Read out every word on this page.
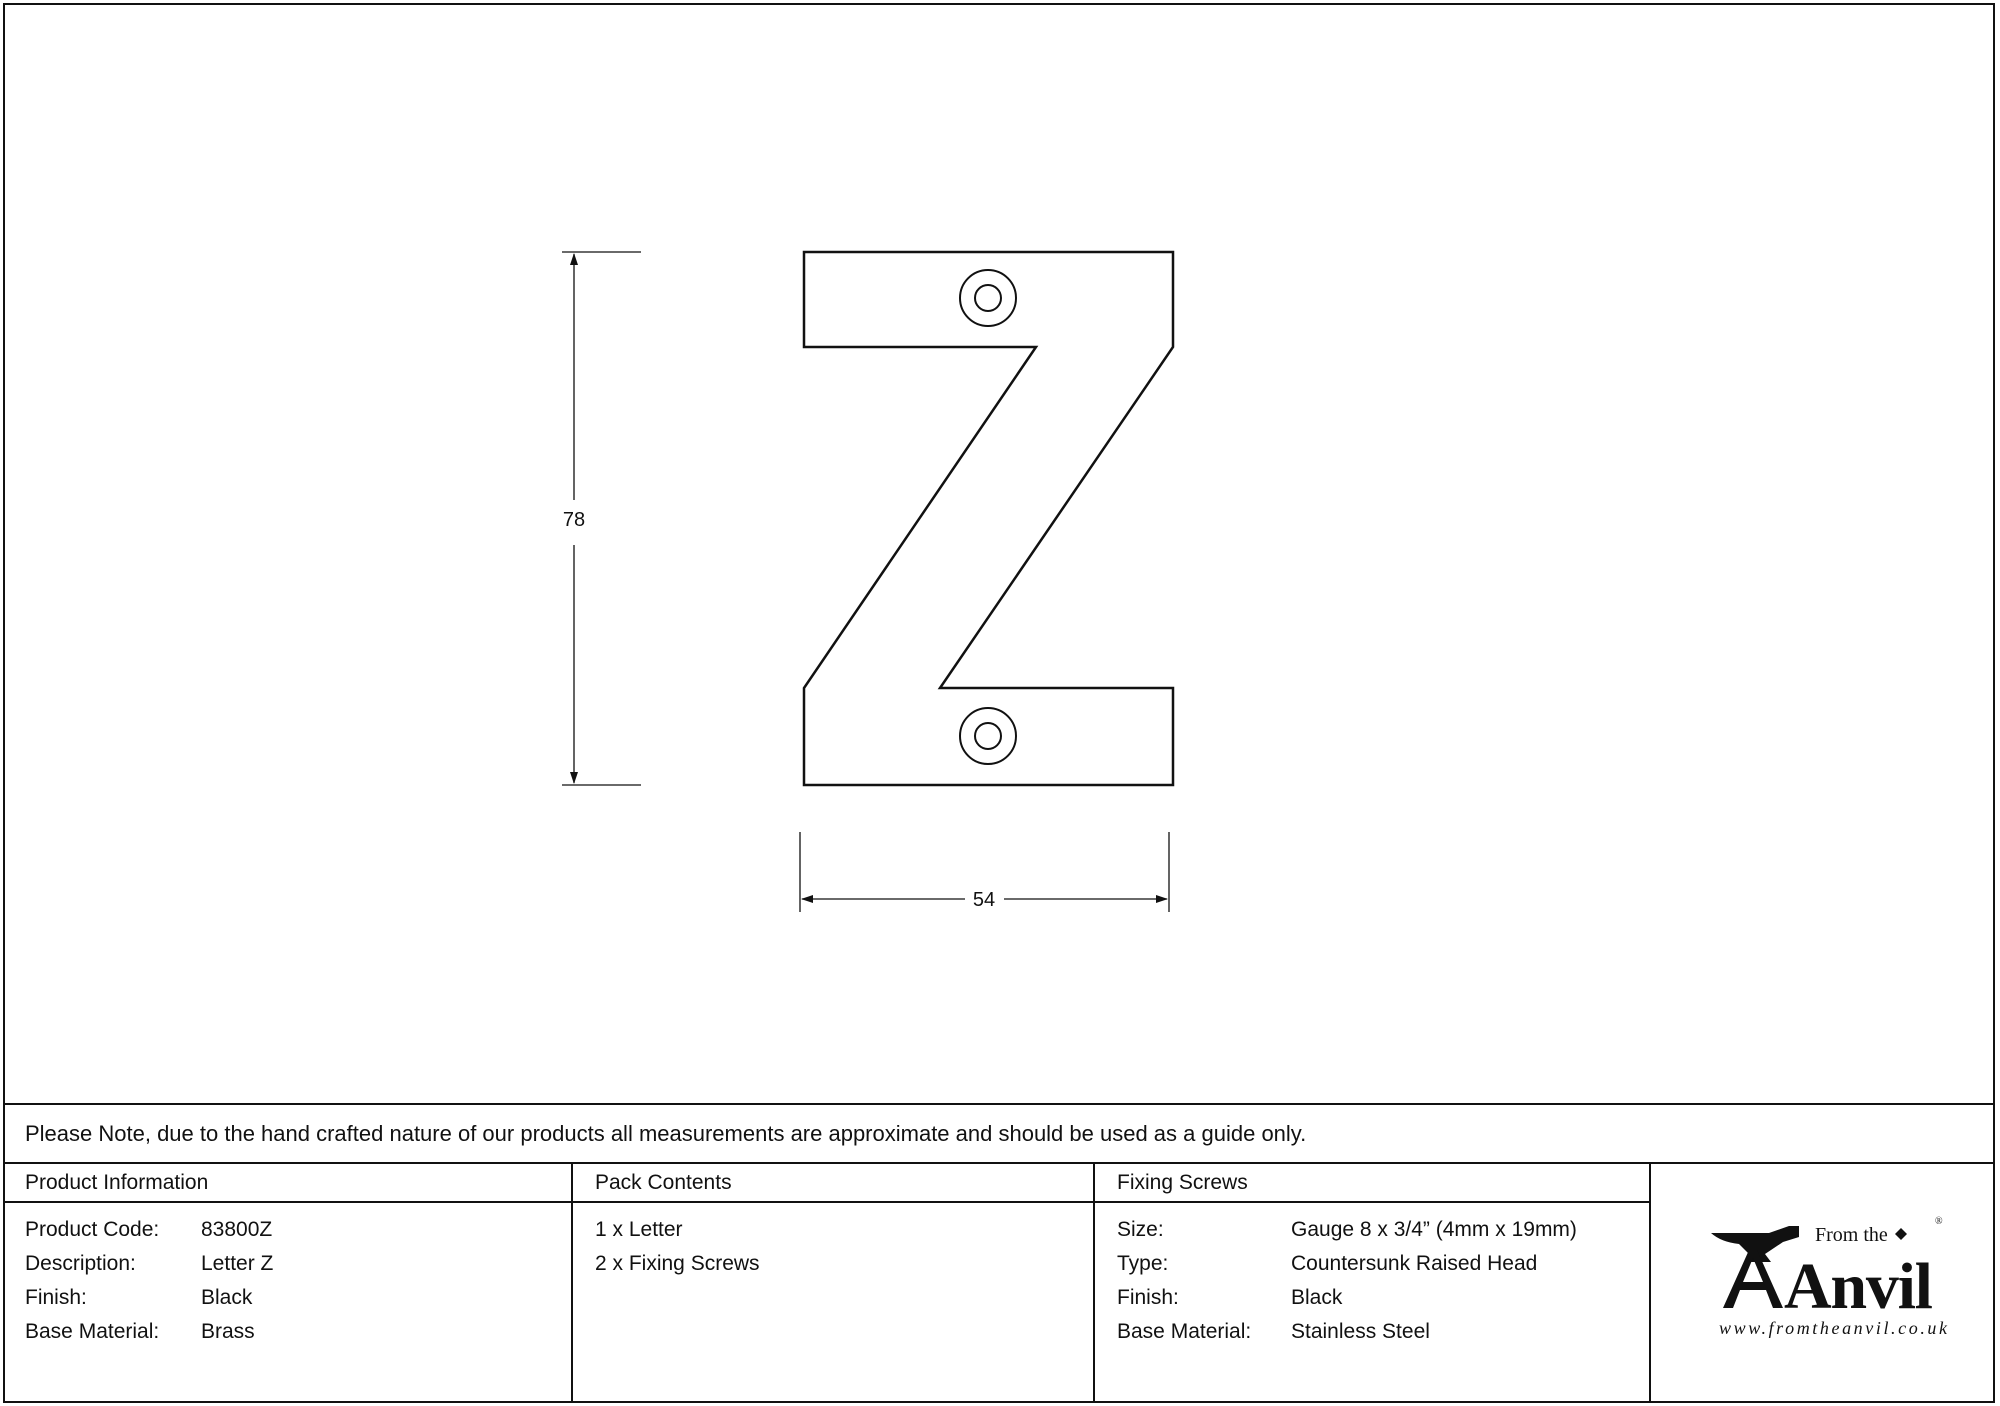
78
54
Please Note, due to the hand crafted nature of our products all measurements are approximate and should be used as a guide only.
Product Information
Product Code: 83800Z
Description:	Letter Z
Finish:	Black
Base Material: Brass
Pack Contents
1 x Letter
2 x Fixing Screws
Fixing Screws
Size:	Gauge 8 x 3/4” (4mm x 19mm)
Type:	Countersunk Raised Head
Finish:	Black
Base Material: Stainless Steel
From the
®
Anvil
www.fromtheanvil.co.uk
